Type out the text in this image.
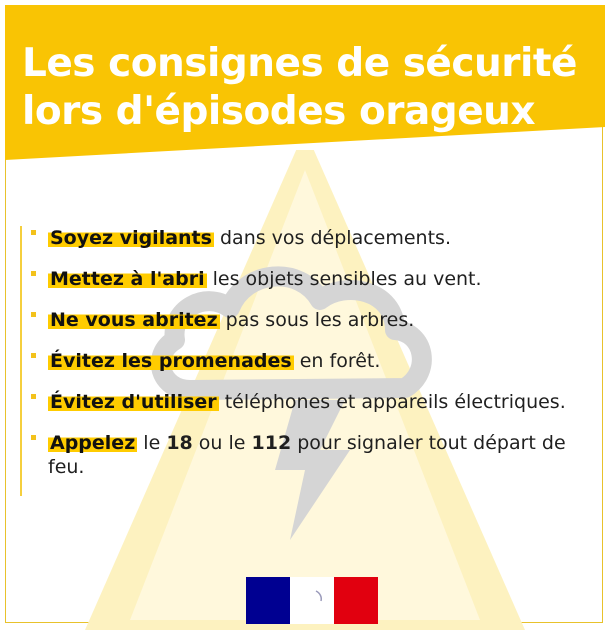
Les consignes de sécurité lors d'épisodes orageux
Soyez vigilants dans vos déplacements.
Mettez à l'abri les objets sensibles au vent.
Ne vous abritez pas sous les arbres.
Évitez les promenades en forêt.
Évitez d'utiliser téléphones et appareils électriques.
Appelez le 18 ou le 112 pour signaler tout départ de feu.
